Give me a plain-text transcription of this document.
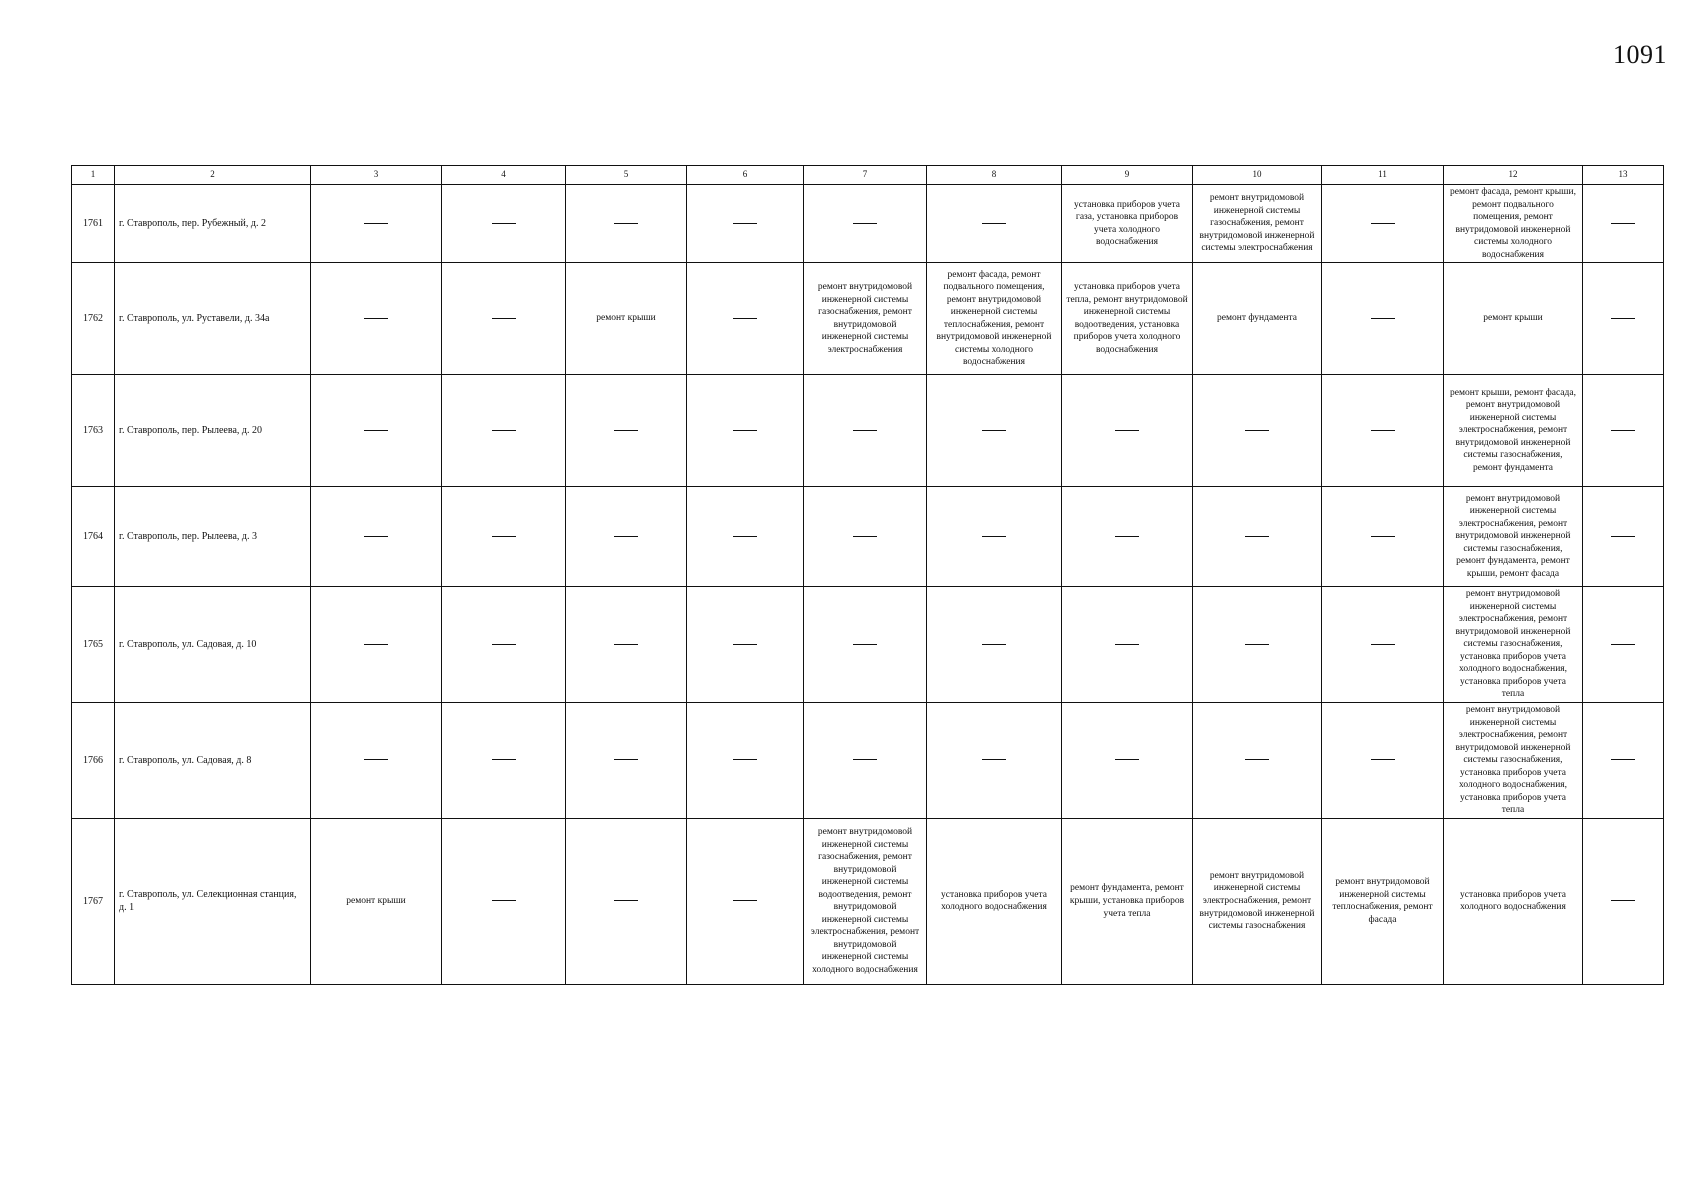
1091
1	2	3	4	5	6	7	8	9	10	11	12	13
1761	г. Ставрополь, пер. Рубежный, д. 2							установка приборов учета газа, установка приборов учета холодного водоснабжения	ремонт внутридомовой инженерной системы газоснабжения, ремонт внутридомовой инженерной системы электроснабжения		ремонт фасада, ремонт крыши, ремонт подвального помещения, ремонт внутридомовой инженерной системы холодного водоснабжения	
1762	г. Ставрополь, ул. Руставели, д. 34а			ремонт крыши		ремонт внутридомовой инженерной системы газоснабжения, ремонт внутридомовой инженерной системы электроснабжения	ремонт фасада, ремонт подвального помещения, ремонт внутридомовой инженерной системы теплоснабжения, ремонт внутридомовой инженерной системы холодного водоснабжения	установка приборов учета тепла, ремонт внутридомовой инженерной системы водоотведения, установка приборов учета холодного водоснабжения	ремонт фундамента		ремонт крыши	
1763	г. Ставрополь, пер. Рылеева, д. 20										ремонт крыши, ремонт фасада, ремонт внутридомовой инженерной системы электроснабжения, ремонт внутридомовой инженерной системы газоснабжения, ремонт фундамента	
1764	г. Ставрополь, пер. Рылеева, д. 3										ремонт внутридомовой инженерной системы электроснабжения, ремонт внутридомовой инженерной системы газоснабжения, ремонт фундамента, ремонт крыши, ремонт фасада	
1765	г. Ставрополь, ул. Садовая, д. 10										ремонт внутридомовой инженерной системы электроснабжения, ремонт внутридомовой инженерной системы газоснабжения, установка приборов учета холодного водоснабжения, установка приборов учета тепла	
1766	г. Ставрополь, ул. Садовая, д. 8										ремонт внутридомовой инженерной системы электроснабжения, ремонт внутридомовой инженерной системы газоснабжения, установка приборов учета холодного водоснабжения, установка приборов учета тепла	
1767	г. Ставрополь, ул. Селекционная станция, д. 1	ремонт крыши				ремонт внутридомовой инженерной системы газоснабжения, ремонт внутридомовой инженерной системы водоотведения, ремонт внутридомовой инженерной системы электроснабжения, ремонт внутридомовой инженерной системы холодного водоснабжения	установка приборов учета холодного водоснабжения	ремонт фундамента, ремонт крыши, установка приборов учета тепла	ремонт внутридомовой инженерной системы электроснабжения, ремонт внутридомовой инженерной системы газоснабжения	ремонт внутридомовой инженерной системы теплоснабжения, ремонт фасада	установка приборов учета холодного водоснабжения	
